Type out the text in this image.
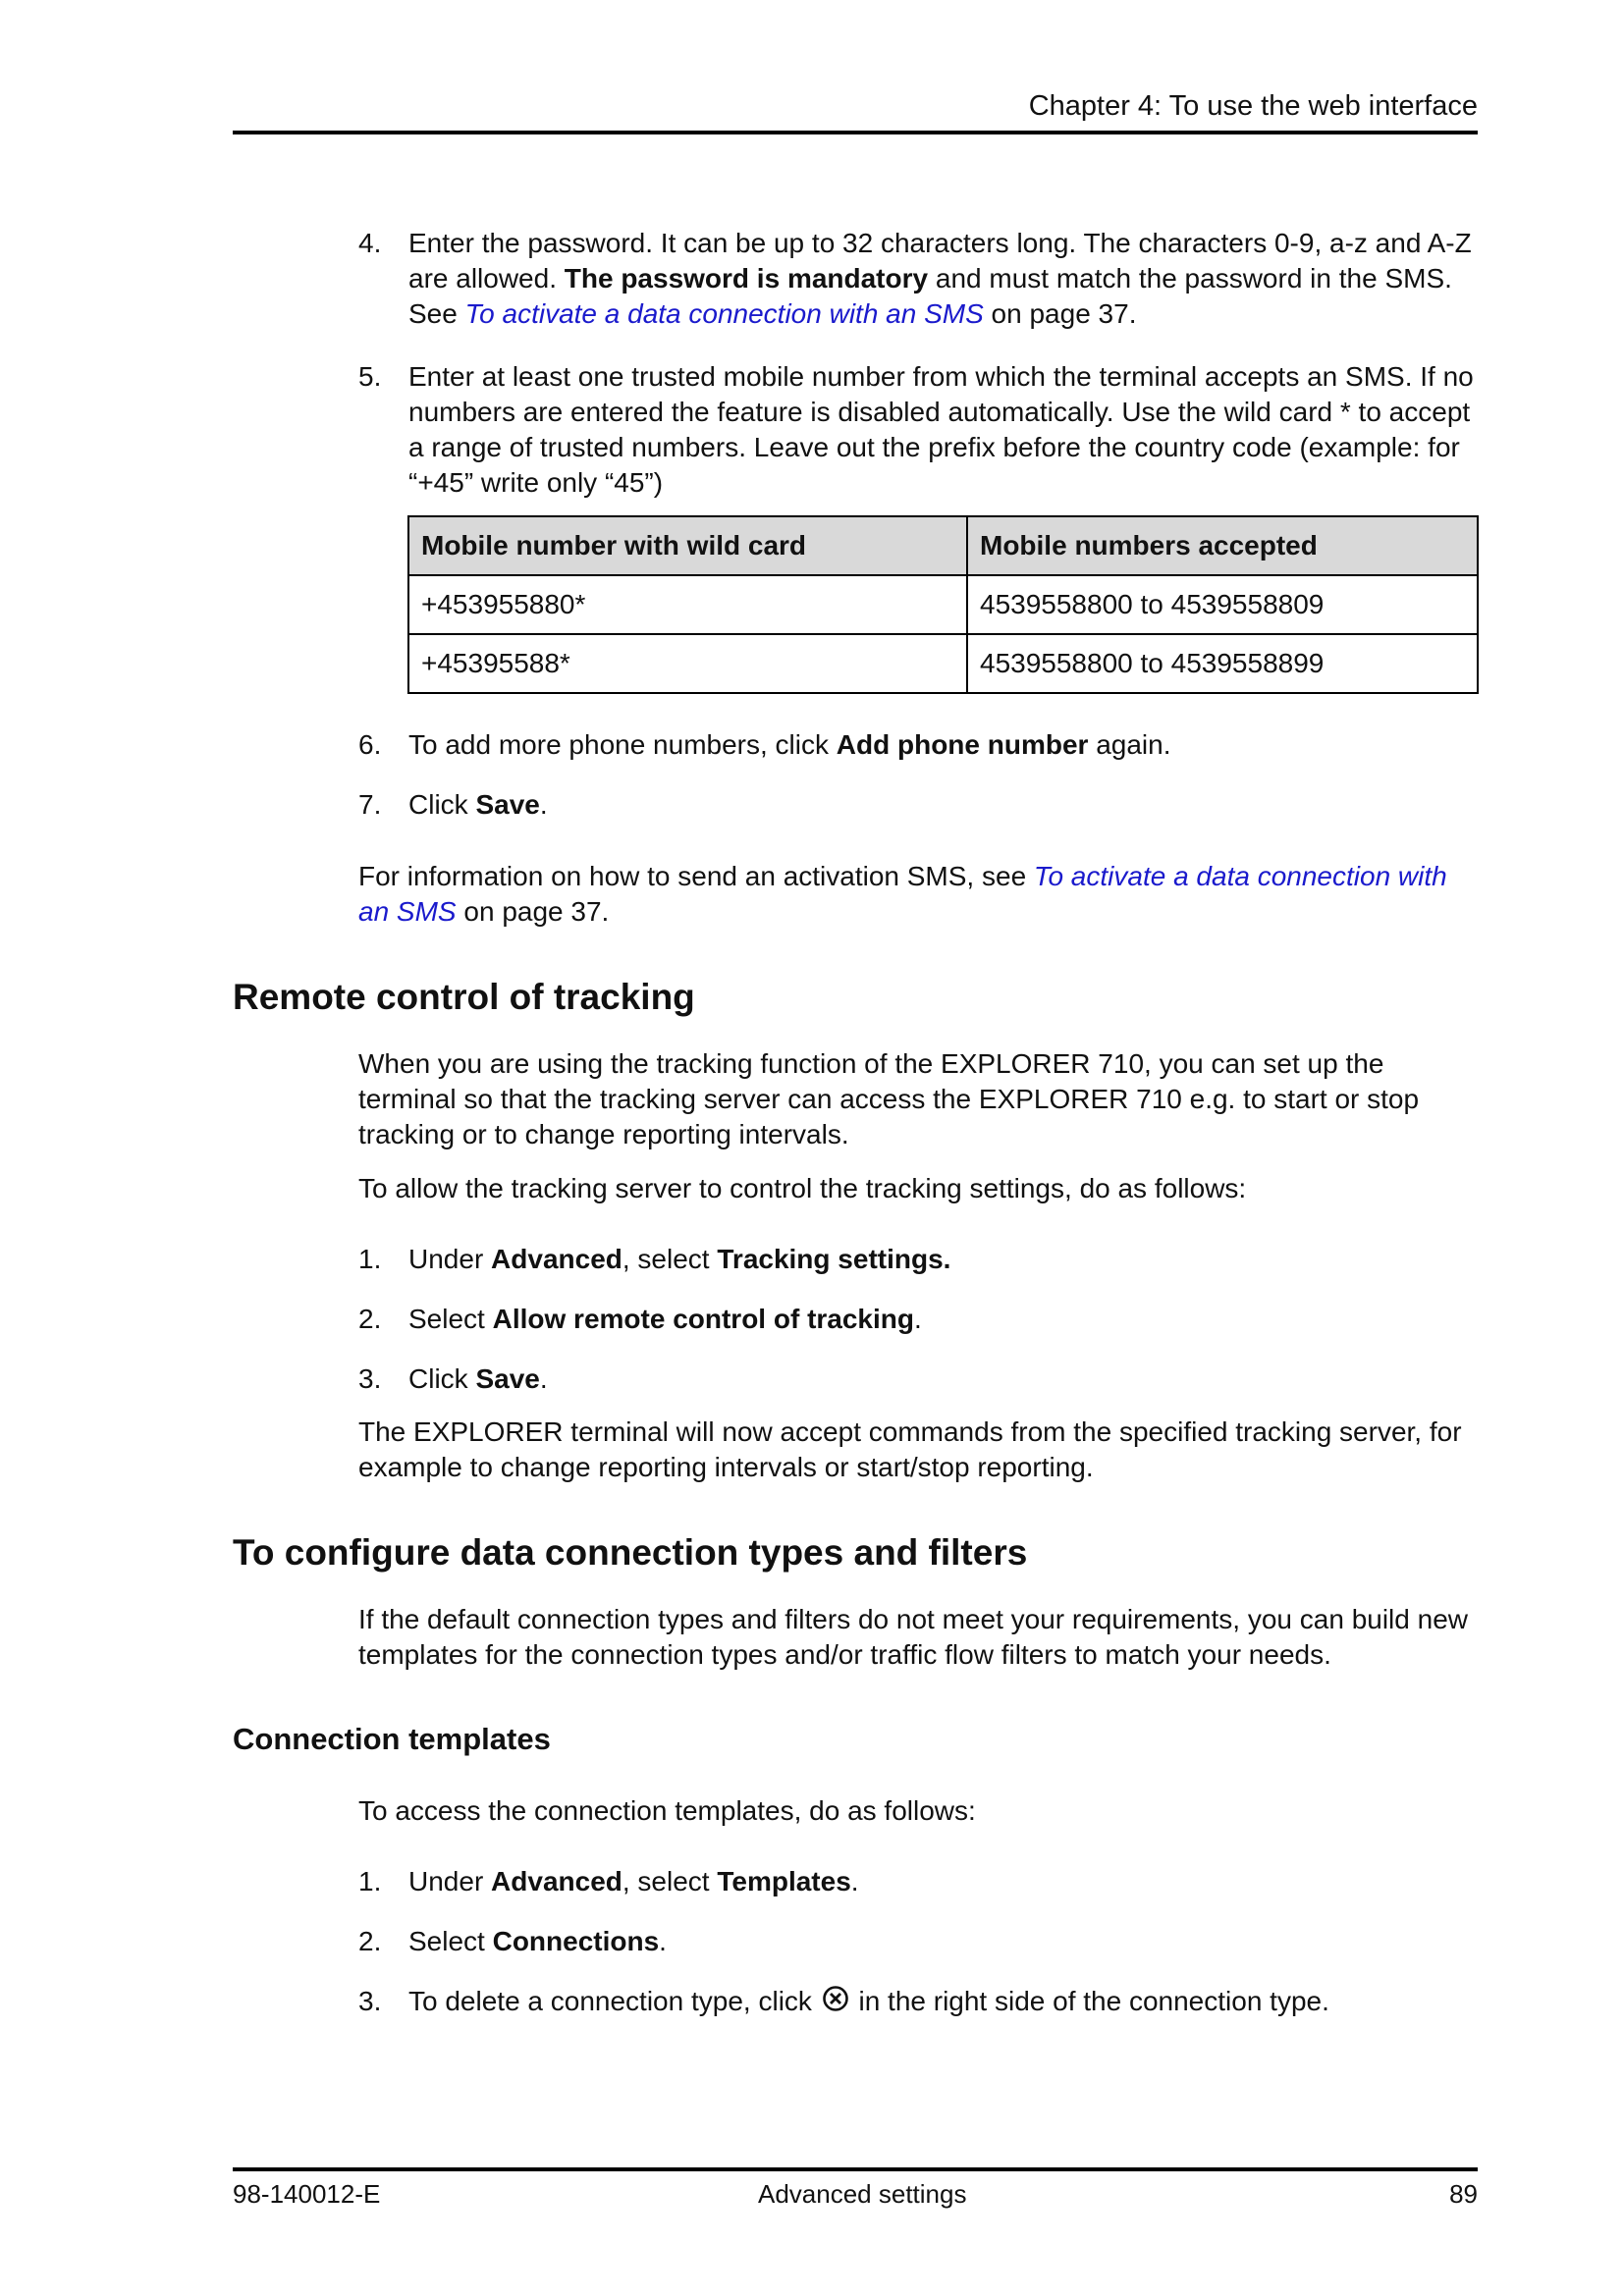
Chapter 4: To use the web interface
4. Enter the password. It can be up to 32 characters long. The characters 0-9, a-z and A-Z are allowed. The password is mandatory and must match the password in the SMS. See To activate a data connection with an SMS on page 37.
5. Enter at least one trusted mobile number from which the terminal accepts an SMS. If no numbers are entered the feature is disabled automatically. Use the wild card * to accept a range of trusted numbers. Leave out the prefix before the country code (example: for “+45” write only “45”)
Mobile number with wild card	Mobile numbers accepted
+453955880*	4539558800 to 4539558809
+45395588*	4539558800 to 4539558899
6. To add more phone numbers, click Add phone number again.
7. Click Save.
For information on how to send an activation SMS, see To activate a data connection with an SMS on page 37.
Remote control of tracking
When you are using the tracking function of the EXPLORER 710, you can set up the terminal so that the tracking server can access the EXPLORER 710 e.g. to start or stop tracking or to change reporting intervals.
To allow the tracking server to control the tracking settings, do as follows:
1. Under Advanced, select Tracking settings.
2. Select Allow remote control of tracking.
3. Click Save.
The EXPLORER terminal will now accept commands from the specified tracking server, for example to change reporting intervals or start/stop reporting.
To configure data connection types and filters
If the default connection types and filters do not meet your requirements, you can build new templates for the connection types and/or traffic flow filters to match your needs.
Connection templates
To access the connection templates, do as follows:
1. Under Advanced, select Templates.
2. Select Connections.
3. To delete a connection type, click  in the right side of the connection type.
98-140012-E	Advanced settings	89
